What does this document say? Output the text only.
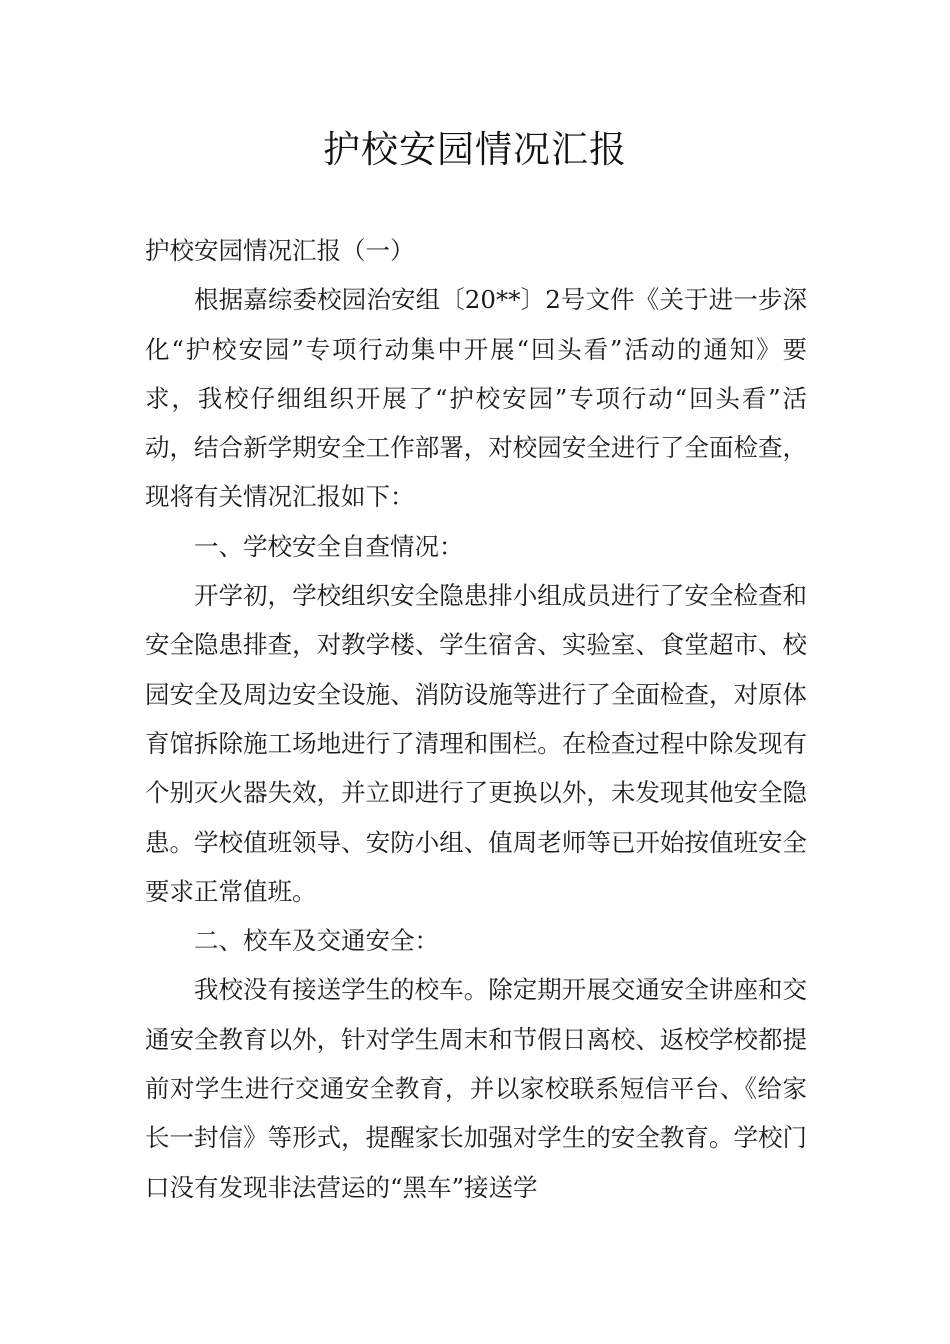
护校安园情况汇报

护校安园情况汇报（一）

根据嘉综委校园治安组〔20**〕2号文件《关于进一步深化“护校安园”专项行动集中开展“回头看”活动的通知》要求，我校仔细组织开展了“护校安园”专项行动“回头看”活动，结合新学期安全工作部署，对校园安全进行了全面检查，现将有关情况汇报如下：

一、学校安全自查情况：

开学初，学校组织安全隐患排小组成员进行了安全检查和安全隐患排查，对教学楼、学生宿舍、实验室、食堂超市、校园安全及周边安全设施、消防设施等进行了全面检查，对原体育馆拆除施工场地进行了清理和围栏。在检查过程中除发现有个别灭火器失效，并立即进行了更换以外，未发现其他安全隐患。学校值班领导、安防小组、值周老师等已开始按值班安全要求正常值班。

二、校车及交通安全：

我校没有接送学生的校车。除定期开展交通安全讲座和交通安全教育以外，针对学生周末和节假日离校、返校学校都提前对学生进行交通安全教育，并以家校联系短信平台、《给家长一封信》等形式，提醒家长加强对学生的安全教育。学校门口没有发现非法营运的“黑车”接送学
